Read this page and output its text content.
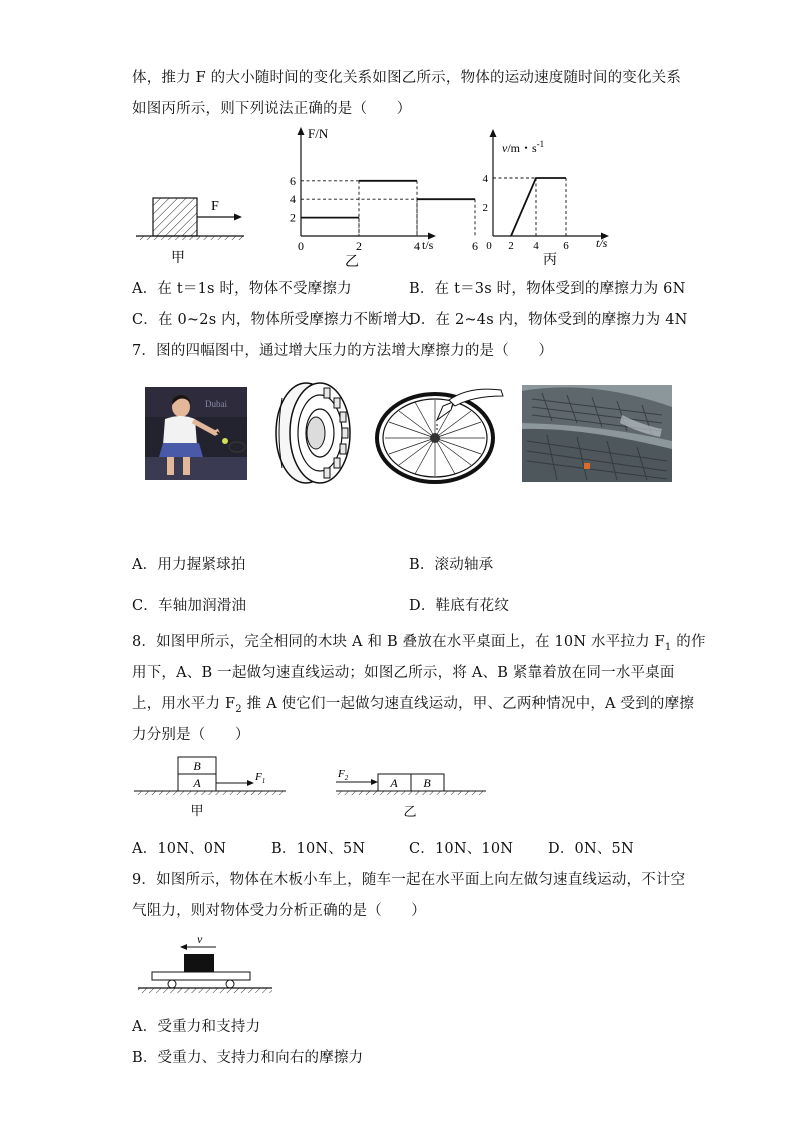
体，推力 F 的大小随时间的变化关系如图乙所示，物体的运动速度随时间的变化关系
如图丙所示，则下列说法正确的是（　　）
F
甲
0	2	4	6
2
4
6
F/N
t/s
乙
0 2 4 6
2
4
v/m・$s^{-1}$
t/s
丙
A．在 t＝1s 时，物体不受摩擦力	B．在 t＝3s 时，物体受到的摩擦力为 6N
C．在 0~2s 内，物体所受摩擦力不断增大
D．在 2~4s 内，物体受到的摩擦力为 4N
7．图的四幅图中，通过增大压力的方法增大摩擦力的是（　　）
Dubai
A．用力握紧球拍	B．滚动轴承
C．车轴加润滑油	D．鞋底有花纹
8．如图甲所示，完全相同的木块 A 和 B 叠放在水平桌面上，在 10N 水平拉力 $F_1$ 的作
用下，A、B 一起做匀速直线运动；如图乙所示，将 A、B 紧靠着放在同一水平桌面
上，用水平力 $F_2$ 推 A 使它们一起做匀速直线运动，甲、乙两种情况中，A 受到的摩擦
力分别是（　　）
B
A	$F_1$
甲
A B
$F_2$
乙
A．10N、0N	B．10N、5N	C．10N、10N D．0N、5N
9．如图所示，物体在木板小车上，随车一起在水平面上向左做匀速直线运动，不计空
气阻力，则对物体受力分析正确的是（　　）
v
A．受重力和支持力
B．受重力、支持力和向右的摩擦力
